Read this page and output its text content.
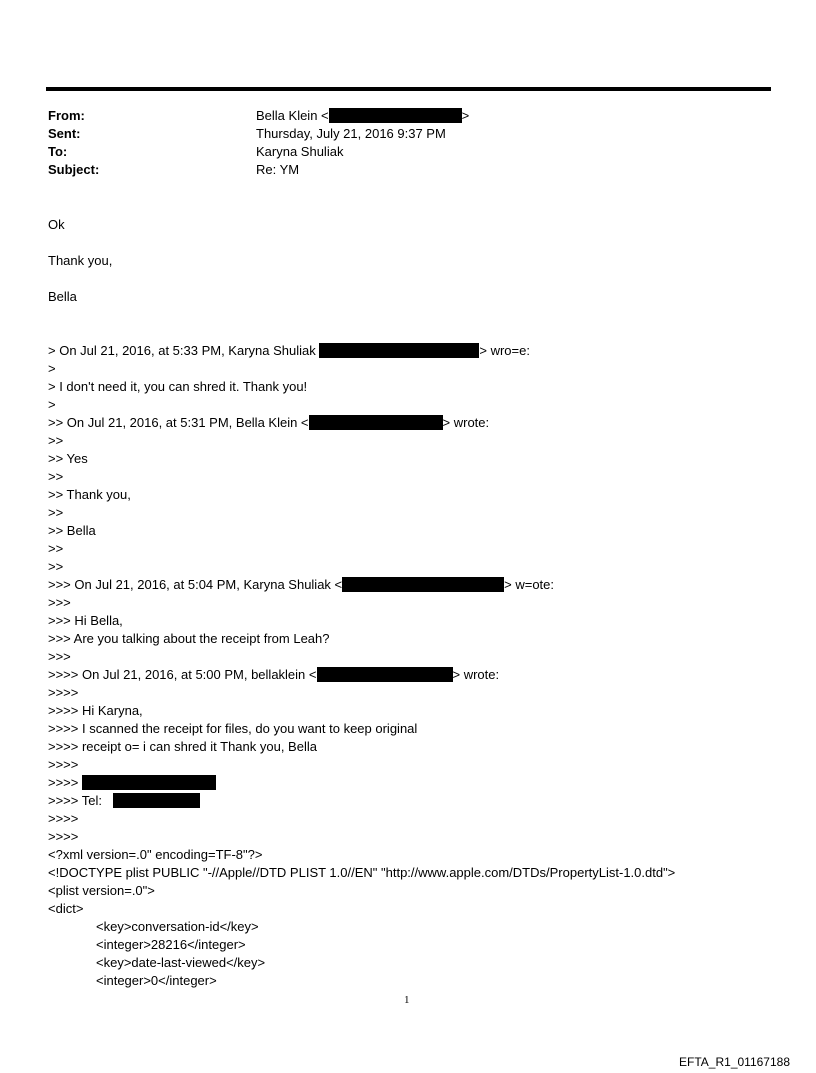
From:	Bella Klein <	>
Sent:	Thursday, July 21, 2016 9:37 PM
To:	Karyna Shuliak
Subject:	Re: YM
Ok
Thank you,
Bella
> On Jul 21, 2016, at 5:33 PM, Karyna Shuliak	> wro=e:
>
> I don't need it, you can shred it. Thank you!
>
>> On Jul 21, 2016, at 5:31 PM, Bella Klein <	> wrote:
>>
>> Yes
>>
>> Thank you,
>>
>> Bella
>>
>>
>>> On Jul 21, 2016, at 5:04 PM, Karyna Shuliak <	> w=ote:
>>>
>>> Hi Bella,
>>> Are you talking about the receipt from Leah?
>>>
>>>> On Jul 21, 2016, at 5:00 PM, bellaklein <	> wrote:
>>>>
>>>> Hi Karyna,
>>>> I scanned the receipt for files, do you want to keep original
>>>> receipt o= i can shred it Thank you, Bella
>>>>
>>>>
>>>> Tel:
>>>>
>>>>
<?xml version=.0" encoding=TF-8"?>
<!DOCTYPE plist PUBLIC "-//Apple//DTD PLIST 1.0//EN" "http://www.apple.com/DTDs/PropertyList-1.0.dtd">
<plist version=.0">
<dict>
<key>conversation-id</key>
<integer>28216</integer>
<key>date-last-viewed</key>
<integer>0</integer>
1
EFTA_R1_01167188
